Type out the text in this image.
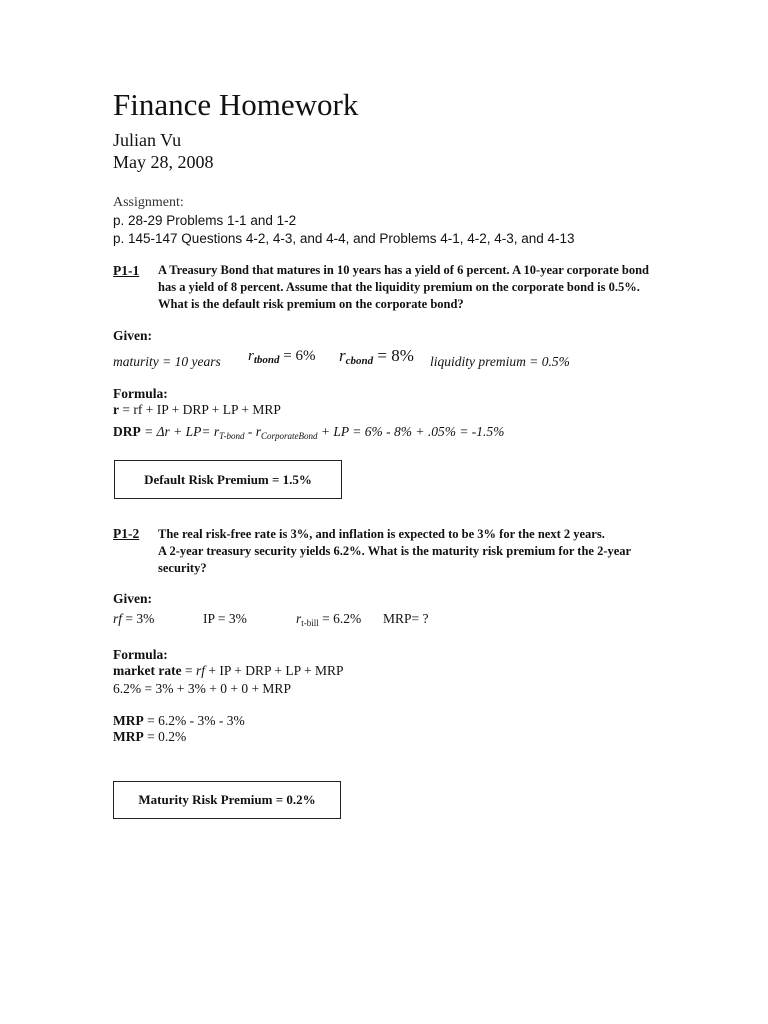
Finance Homework
Julian Vu
May 28, 2008
Assignment:
p. 28-29 Problems 1-1 and 1-2
p. 145-147 Questions 4-2, 4-3, and 4-4, and Problems 4-1, 4-2, 4-3, and 4-13
P1-1 A Treasury Bond that matures in 10 years has a yield of 6 percent. A 10-year corporate bond has a yield of 8 percent. Assume that the liquidity premium on the corporate bond is 0.5%. What is the default risk premium on the corporate bond?
Given:
maturity = 10 years $r_{tbond} = 6\%$ rcbond = 8% liquidity premium = 0.5%
Formula:
r = rf + IP + DRP + LP + MRP
DRP = $\Delta r + LP= r_{T-bond} - r_{CorporateBond}$ + LP = 6% - 8% + .05% = -1.5%
Default Risk Premium = 1.5%
P1-2 The real risk-free rate is 3%, and inflation is expected to be 3% for the next 2 years.
A 2-year treasury security yields 6.2%. What is the maturity risk premium for the 2-year security?
Given:
rf = 3%	IP = 3%	$r_{t-bill} = 6.2\%$ MRP= ?
Formula:
market rate = rf + IP + DRP + LP + MRP
6.2% = 3% + 3% + 0 + 0 + MRP
MRP = 6.2% - 3% - 3%
MRP = 0.2%
Maturity Risk Premium = 0.2%
